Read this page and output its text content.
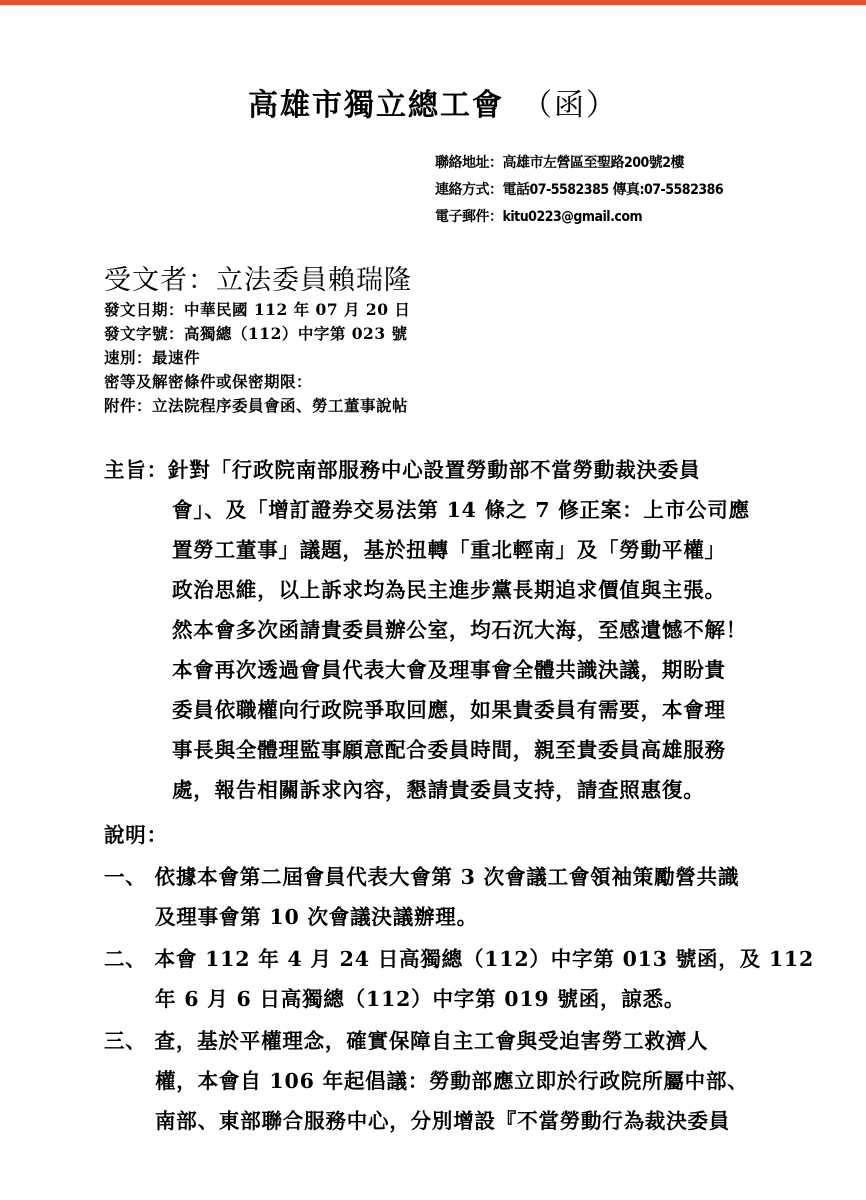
高雄市獨立總工會 （函）
聯絡地址：高雄市左營區至聖路200號2樓
連絡方式：電話07-5582385 傳真:07-5582386
電子郵件：kitu0223@gmail.com
受文者：立法委員賴瑞隆
發文日期：中華民國 112 年 07 月 20 日
發文字號：高獨總（112）中字第 023 號
速別：最速件
密等及解密條件或保密期限：
附件：立法院程序委員會函、勞工董事說帖
主旨：針對「行政院南部服務中心設置勞動部不當勞動裁決委員
會」、及「增訂證券交易法第 14 條之 7 修正案：上市公司應
置勞工董事」議題，基於扭轉「重北輕南」及「勞動平權」
政治思維，以上訴求均為民主進步黨長期追求價值與主張。
然本會多次函請貴委員辦公室，均石沉大海，至感遺憾不解！
本會再次透過會員代表大會及理事會全體共識決議，期盼貴
委員依職權向行政院爭取回應，如果貴委員有需要，本會理
事長與全體理監事願意配合委員時間，親至貴委員高雄服務
處，報告相關訴求內容，懇請貴委員支持，請查照惠復。
說明：
一、 依據本會第二屆會員代表大會第 3 次會議工會領袖策勵營共識
及理事會第 10 次會議決議辦理。
二、 本會 112 年 4 月 24 日高獨總（112）中字第 013 號函，及 112
年 6 月 6 日高獨總（112）中字第 019 號函，諒悉。
三、 查，基於平權理念，確實保障自主工會與受迫害勞工救濟人
權，本會自 106 年起倡議：勞動部應立即於行政院所屬中部、
南部、東部聯合服務中心，分別增設『不當勞動行為裁決委員
